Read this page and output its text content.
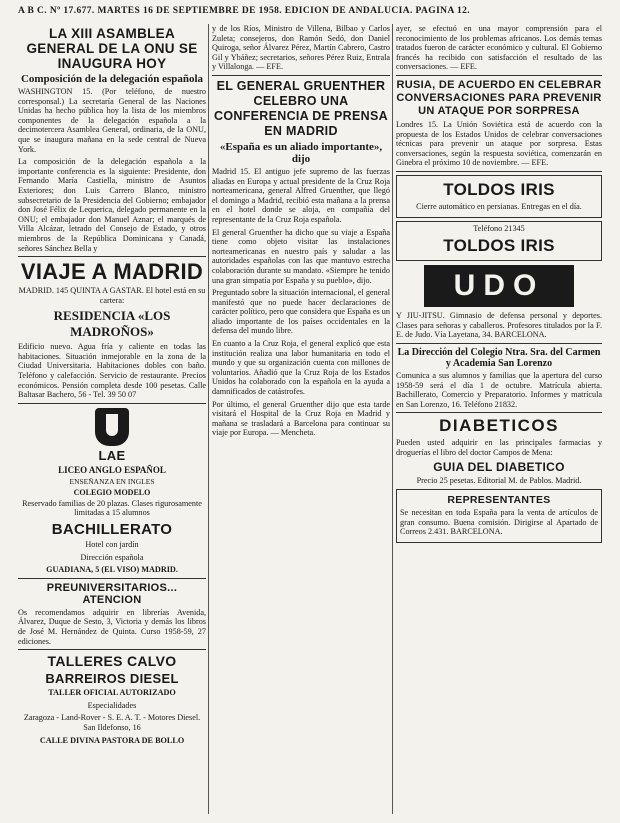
A B C. Nº 17.677. MARTES 16 DE SEPTIEMBRE DE 1958. EDICION DE ANDALUCIA. PAGINA 12.
LA XIII ASAMBLEA GENERAL DE LA ONU SE INAUGURA HOY
Composición de la delegación española

WASHINGTON 15. (Por teléfono, de nuestro corresponsal.) La secretaría General de las Naciones Unidas ha hecho pública hoy la lista de los miembros componentes de la delegación española a la decimotercera Asamblea General, ordinaria, de la ONU, que se inaugura mañana en la sede central de Nueva York.

La composición de la delegación española a la importante conferencia es la siguiente: Presidente, don Fernando María Castiella, ministro de Asuntos Exteriores; don Luis Carrero Blanco, ministro subsecretario de la Presidencia del Gobierno; embajador don José Félix de Lequerica, delegado permanente en la ONU; el embajador don Manuel Aznar; el marqués de Villa Alcázar, letrado del Consejo de Estado, y otros miembros de la República Dominicana y Canadá, señores Sánchez Bella y

VIAJE A MADRID
MADRID. 145 QUINTA A GASTAR. El hotel está en su cartera:
RESIDENCIA «LOS MADROÑOS»

Edificio nuevo. Agua fría y caliente en todas las habitaciones. Situación inmejorable en la zona de la Ciudad Universitaria. Habitaciones dobles con baño. Teléfono y calefacción. Servicio de restaurante. Precios económicos. Pensión completa desde 100 pesetas. Calle Baltasar Bachero, 56 - Tel. 39 50 07

LAE
LICEO ANGLO ESPAÑOL
ENSEÑANZA EN INGLES
COLEGIO MODELO

Reservado familias de 20 plazas. Clases rigurosamente limitadas a 15 alumnos

BACHILLERATO
Hotel con jardín
Dirección española
GUADIANA, 5 (EL VISO) MADRID.
PREUNIVERSITARIOS... ATENCION

Os recomendamos adquirir en librerías Avenida, Álvarez, Duque de Sesto, 3, Victoria y demás los libros de José M. Hernández de Quinta. Curso 1958-59, 27 ediciones.

TALLERES CALVO
BARREIROS DIESEL
TALLER OFICIAL AUTORIZADO
Especialidades
Zaragoza - Land-Rover - S. E. A. T. - Motores Diesel. San Ildefonso, 16
CALLE DIVINA PASTORA DE BOLLO

y de los Ríos, Ministro de Villena, Bilbao y Carlos Zuleta; consejeros, don Ramón Sedó, don Daniel Quiroga, señor Álvarez Pérez, Martín Cabrero, Castro Gil y Ybáñez; secretarios, señores Pérez Ruiz, Entrala y Villalonga. — EFE.

EL GENERAL GRUENTHER CELEBRO UNA CONFERENCIA DE PRENSA EN MADRID
«España es un aliado importante», dijo

Madrid 15. El antiguo jefe supremo de las fuerzas aliadas en Europa y actual presidente de la Cruz Roja norteamericana, general Alfred Gruenther, que llegó el domingo a Madrid, recibió esta mañana a la prensa en el hotel donde se aloja, en compañía del representante de la Cruz Roja española.

El general Gruenther ha dicho que su viaje a España tiene como objeto visitar las instalaciones norteamericanas en nuestro país y saludar a las autoridades españolas con las que mantuvo estrecha colaboración durante su mandato. «Siempre he tenido una gran simpatía por España y su pueblo», dijo.

Preguntado sobre la situación internacional, el general manifestó que no puede hacer declaraciones de carácter político, pero que considera que España es un aliado importante de los países occidentales en la defensa del mundo libre.

En cuanto a la Cruz Roja, el general explicó que esta institución realiza una labor humanitaria en todo el mundo y que su organización cuenta con millones de voluntarios. Añadió que la Cruz Roja de los Estados Unidos ha colaborado con la española en la ayuda a damnificados de catástrofes.

Por último, el general Gruenther dijo que esta tarde visitará el Hospital de la Cruz Roja en Madrid y mañana se trasladará a Barcelona para continuar su viaje por Europa. — Mencheta.

ayer, se efectuó en una mayor comprensión para el reconocimiento de los problemas africanos. Los demás temas tratados fueron de carácter económico y cultural. El Gobierno francés ha recibido con satisfacción el resultado de las conversaciones. — EFE.

RUSIA, DE ACUERDO EN CELEBRAR CONVERSACIONES PARA PREVENIR UN ATAQUE POR SORPRESA

Londres 15. La Unión Soviética está de acuerdo con la propuesta de los Estados Unidos de celebrar conversaciones técnicas para prevenir un ataque por sorpresa. Estas conversaciones, según la respuesta soviética, comenzarán en Ginebra el próximo 10 de noviembre. — EFE.

TOLDOS IRIS
Cierre automático en persianas. Entregas en el día.
Teléfono 21345
TOLDOS IRIS
UDO

Y JIU-JITSU. Gimnasio de defensa personal y deportes. Clases para señoras y caballeros. Profesores titulados por la F. E. de Judo. Vía Layetana, 34. BARCELONA.

La Dirección del Colegio Ntra. Sra. del Carmen y Academia San Lorenzo

Comunica a sus alumnos y familias que la apertura del curso 1958-59 será el día 1 de octubre. Matrícula abierta. Bachillerato, Comercio y Preparatorio. Informes y matrícula en San Lorenzo, 16. Teléfono 21832.

DIABETICOS

Pueden usted adquirir en las principales farmacias y droguerías el libro del doctor Campos de Mena:

GUIA DEL DIABETICO
Precio 25 pesetas. Editorial M. de Pablos. Madrid.
REPRESENTANTES

Se necesitan en toda España para la venta de artículos de gran consumo. Buena comisión. Dirigirse al Apartado de Correos 2.431. BARCELONA.
